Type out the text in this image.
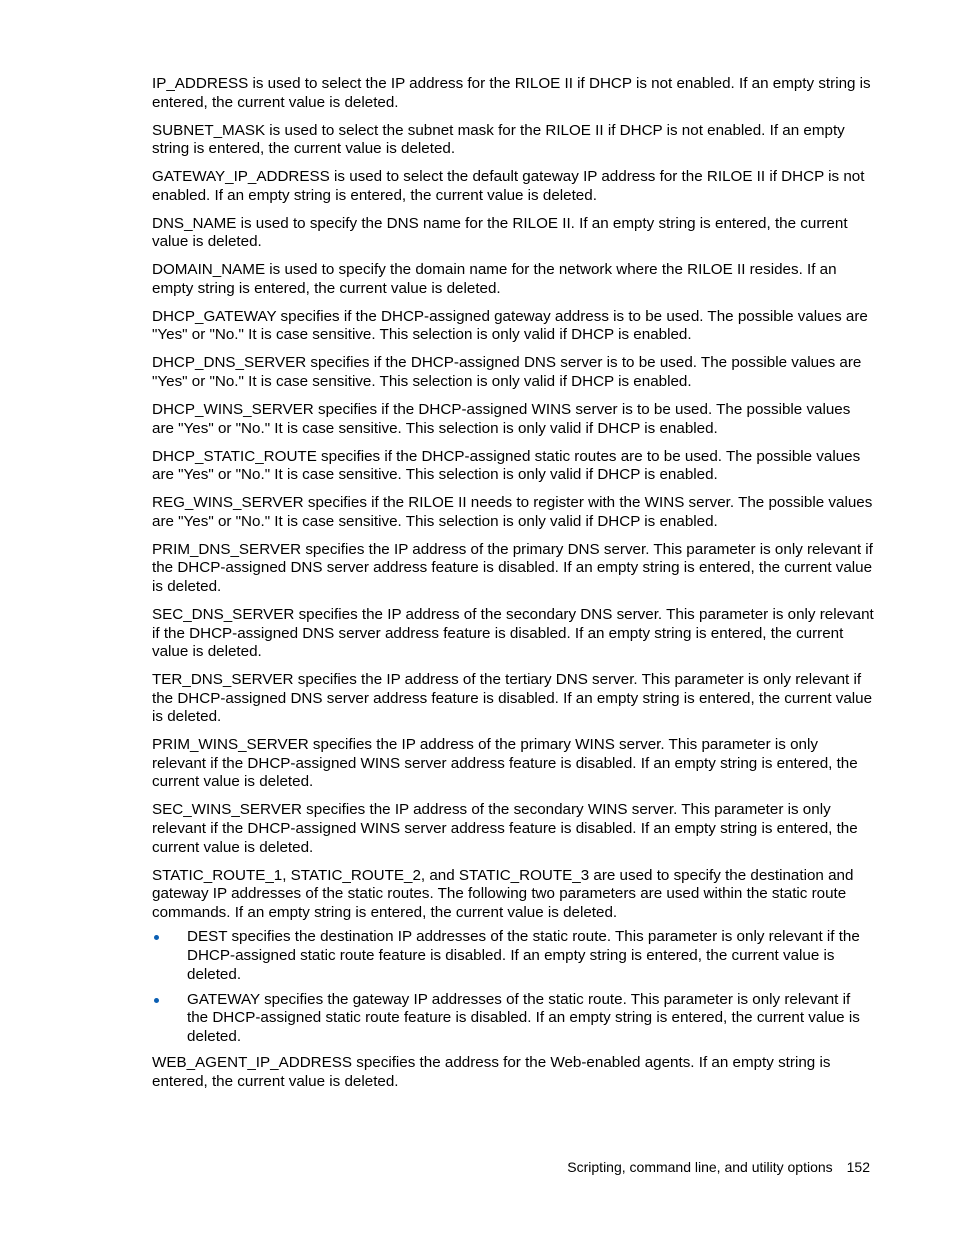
IP_ADDRESS is used to select the IP address for the RILOE II if DHCP is not enabled. If an empty string is entered, the current value is deleted.

SUBNET_MASK is used to select the subnet mask for the RILOE II if DHCP is not enabled. If an empty string is entered, the current value is deleted.

GATEWAY_IP_ADDRESS is used to select the default gateway IP address for the RILOE II if DHCP is not enabled. If an empty string is entered, the current value is deleted.

DNS_NAME is used to specify the DNS name for the RILOE II. If an empty string is entered, the current value is deleted.

DOMAIN_NAME is used to specify the domain name for the network where the RILOE II resides. If an empty string is entered, the current value is deleted.

DHCP_GATEWAY specifies if the DHCP-assigned gateway address is to be used. The possible values are "Yes" or "No." It is case sensitive. This selection is only valid if DHCP is enabled.

DHCP_DNS_SERVER specifies if the DHCP-assigned DNS server is to be used. The possible values are "Yes" or "No." It is case sensitive. This selection is only valid if DHCP is enabled.

DHCP_WINS_SERVER specifies if the DHCP-assigned WINS server is to be used. The possible values are "Yes" or "No." It is case sensitive. This selection is only valid if DHCP is enabled.

DHCP_STATIC_ROUTE specifies if the DHCP-assigned static routes are to be used. The possible values are "Yes" or "No." It is case sensitive. This selection is only valid if DHCP is enabled.

REG_WINS_SERVER specifies if the RILOE II needs to register with the WINS server. The possible values are "Yes" or "No." It is case sensitive. This selection is only valid if DHCP is enabled.

PRIM_DNS_SERVER specifies the IP address of the primary DNS server. This parameter is only relevant if the DHCP-assigned DNS server address feature is disabled. If an empty string is entered, the current value is deleted.

SEC_DNS_SERVER specifies the IP address of the secondary DNS server. This parameter is only relevant if the DHCP-assigned DNS server address feature is disabled. If an empty string is entered, the current value is deleted.

TER_DNS_SERVER specifies the IP address of the tertiary DNS server. This parameter is only relevant if the DHCP-assigned DNS server address feature is disabled. If an empty string is entered, the current value is deleted.

PRIM_WINS_SERVER specifies the IP address of the primary WINS server. This parameter is only relevant if the DHCP-assigned WINS server address feature is disabled. If an empty string is entered, the current value is deleted.

SEC_WINS_SERVER specifies the IP address of the secondary WINS server. This parameter is only relevant if the DHCP-assigned WINS server address feature is disabled. If an empty string is entered, the current value is deleted.

STATIC_ROUTE_1, STATIC_ROUTE_2, and STATIC_ROUTE_3 are used to specify the destination and gateway IP addresses of the static routes. The following two parameters are used within the static route commands. If an empty string is entered, the current value is deleted.

DEST specifies the destination IP addresses of the static route. This parameter is only relevant if the DHCP-assigned static route feature is disabled. If an empty string is entered, the current value is deleted.
GATEWAY specifies the gateway IP addresses of the static route. This parameter is only relevant if the DHCP-assigned static route feature is disabled. If an empty string is entered, the current value is deleted.

WEB_AGENT_IP_ADDRESS specifies the address for the Web-enabled agents. If an empty string is entered, the current value is deleted.

Scripting, command line, and utility options 152
